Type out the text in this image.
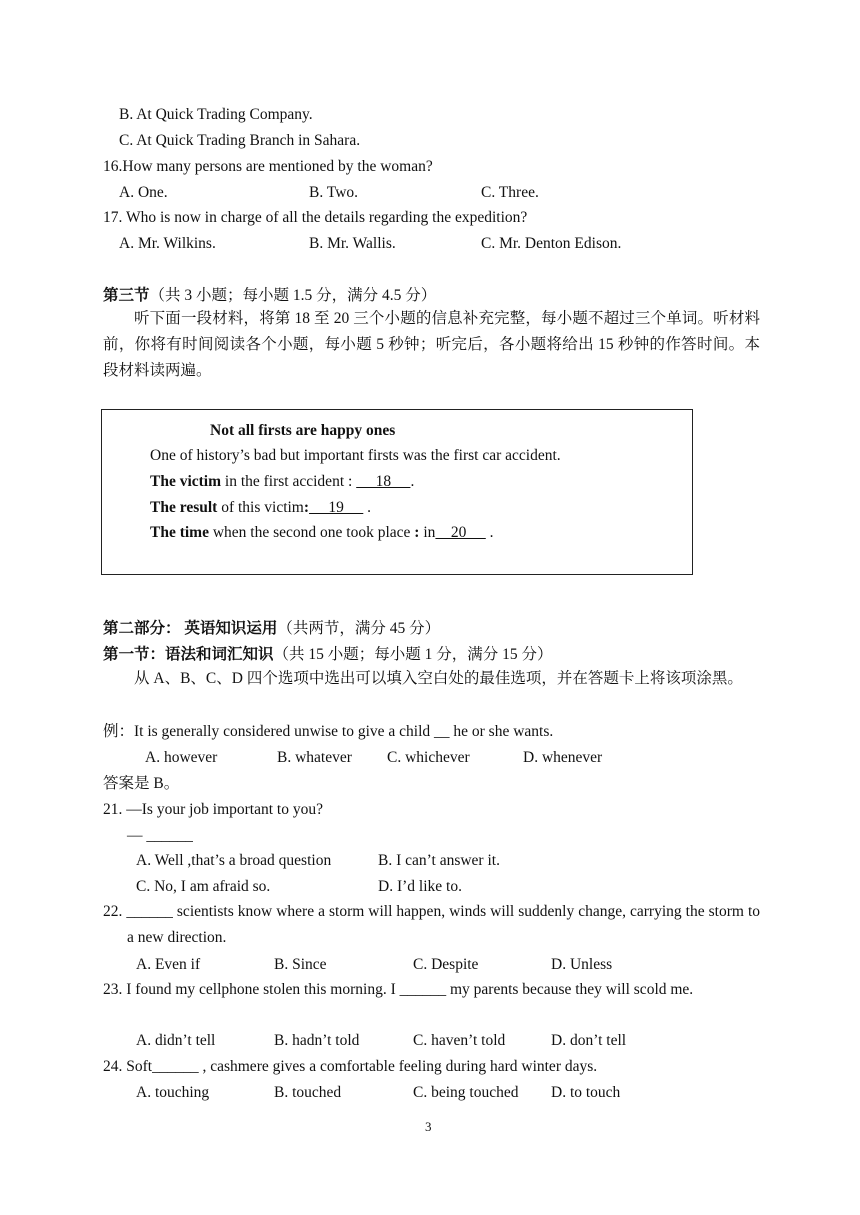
B. At Quick Trading Company.
C. At Quick Trading Branch in Sahara.
16.How many persons are mentioned by the woman?
A. One.	B. Two.	C. Three.
17. Who is now in charge of all the details regarding the expedition?
A. Mr. Wilkins.	B. Mr. Wallis.	C. Mr. Denton Edison.
第三节（共 3 小题；每小题 1.5 分，满分 4.5 分）
听下面一段材料，将第 18 至 20 三个小题的信息补充完整，每小题不超过三个单词。听材料前，你将有时间阅读各个小题，每小题 5 秒钟；听完后，各小题将给出 15 秒钟的作答时间。本段材料读两遍。
Not all firsts are happy ones
One of history’s bad but important firsts was the first car accident.
The victim in the first accident :      18     .
The result of this victim:     19      .
The time when the second one took place : in    20      .
第二部分： 英语知识运用（共两节，满分 45 分）
第一节：语法和词汇知识（共 15 小题；每小题 1 分，满分 15 分）
从 A、B、C、D 四个选项中选出可以填入空白处的最佳选项，并在答题卡上将该项涂黑。
例：It is generally considered unwise to give a child __ he or she wants.
A. however	B. whatever C. whichever	D. whenever
答案是 B。
21. ―Is your job important to you?
― ______
A. Well ,that’s a broad question	B. I can’t answer it.
C. No, I am afraid so.	D. I’d like to.
22. ______ scientists know where a storm will happen, winds will suddenly change, carrying the storm to a new direction.
A. Even if	B. Since	C. Despite	D. Unless
23. I found my cellphone stolen this morning. I ______ my parents because they will scold me.
A. didn’t tell	B. hadn’t told	C. haven’t told	D. don’t tell
24. Soft______ , cashmere gives a comfortable feeling during hard winter days.
A. touching	B. touched	C. being touched D. to touch
3
